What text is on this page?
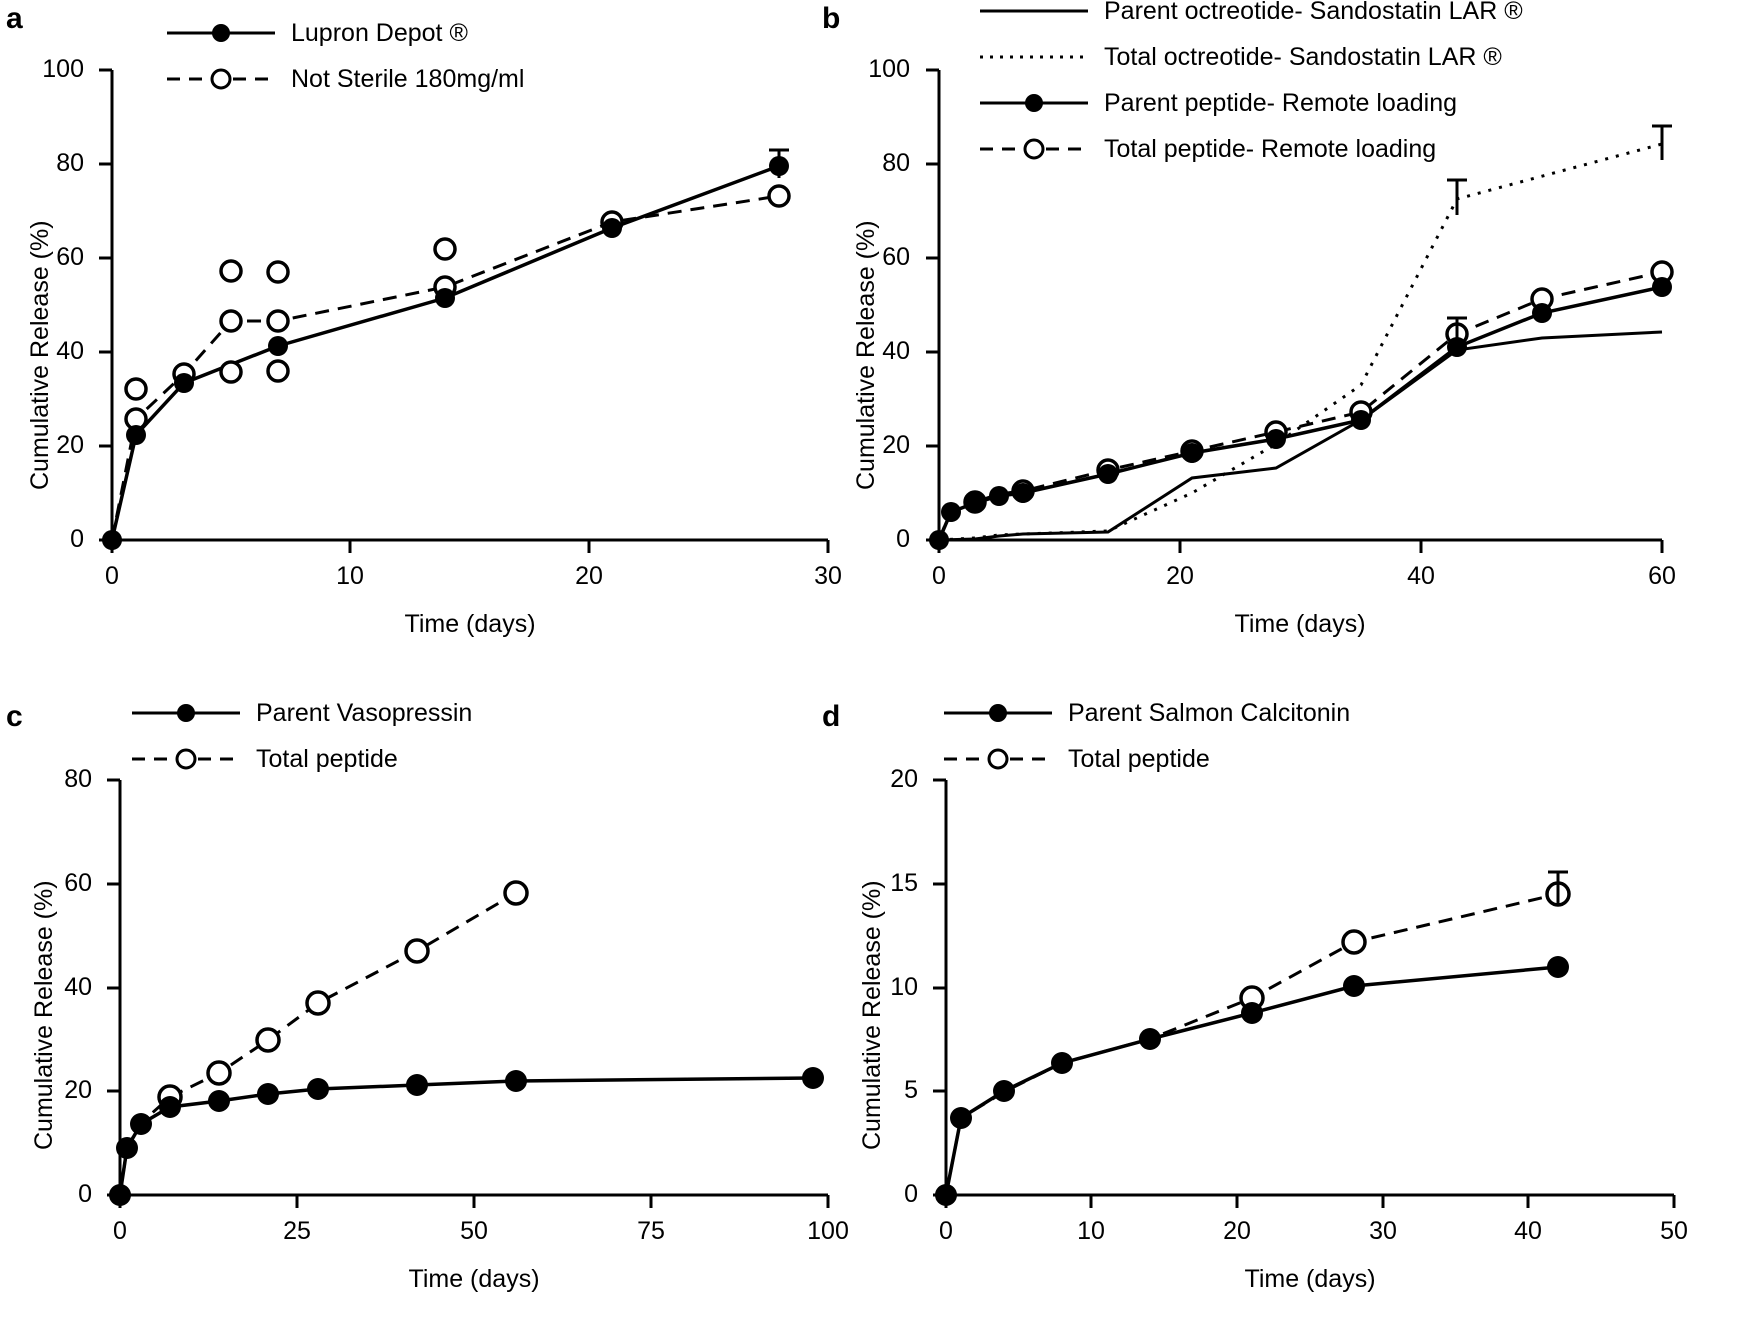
a	Lupron Depot ®
Not Sterile 180mg/ml
100
80
60
40
20
0
0	10	20	30
Time (days)
Cumulative Release (%)
b	Parent octreotide- Sandostatin LAR ®
Total octreotide- Sandostatin LAR ®
Parent peptide- Remote loading
Total peptide- Remote loading
100
80
60
40
20
0
0	20	40	60
Time (days)
Cumulative Release (%)
c	Parent Vasopressin
Total peptide
80
60
40
20
0
0	25	50	75	100
Time (days)
Cumulative Release (%)
d	Parent Salmon Calcitonin
Total peptide
20
15
10
5
0
0	10	20	30	40	50
Time (days)
Cumulative Release (%)
